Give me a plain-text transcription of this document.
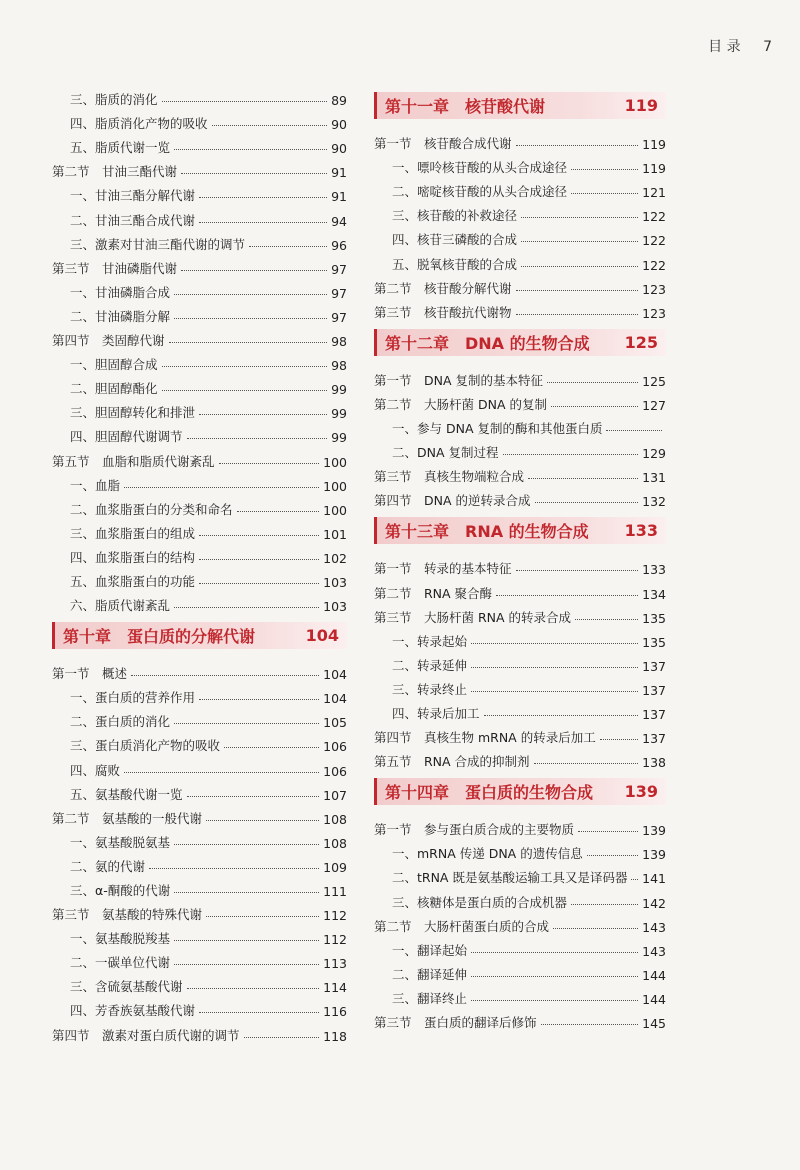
目 录 7
三、脂质的消化	89
四、脂质消化产物的吸收	90
五、脂质代谢一览	90
第二节　甘油三酯代谢	91
一、甘油三酯分解代谢	91
二、甘油三酯合成代谢	94
三、激素对甘油三酯代谢的调节	96
第三节　甘油磷脂代谢	97
一、甘油磷脂合成	97
二、甘油磷脂分解	97
第四节　类固醇代谢	98
一、胆固醇合成	98
二、胆固醇酯化	99
三、胆固醇转化和排泄	99
四、胆固醇代谢调节	99
第五节　血脂和脂质代谢紊乱	100
一、血脂	100
二、血浆脂蛋白的分类和命名	100
三、血浆脂蛋白的组成	101
四、血浆脂蛋白的结构	102
五、血浆脂蛋白的功能	103
六、脂质代谢紊乱	103
第十章　蛋白质的分解代谢	104
第一节　概述	104
一、蛋白质的营养作用	104
二、蛋白质的消化	105
三、蛋白质消化产物的吸收	106
四、腐败	106
五、氨基酸代谢一览	107
第二节　氨基酸的一般代谢	108
一、氨基酸脱氨基	108
二、氨的代谢	109
三、α-酮酸的代谢	111
第三节　氨基酸的特殊代谢	112
一、氨基酸脱羧基	112
二、一碳单位代谢	113
三、含硫氨基酸代谢	114
四、芳香族氨基酸代谢	116
第四节　激素对蛋白质代谢的调节	118
第十一章　核苷酸代谢	119
第一节　核苷酸合成代谢	119
一、嘌呤核苷酸的从头合成途径	119
二、嘧啶核苷酸的从头合成途径	121
三、核苷酸的补救途径	122
四、核苷三磷酸的合成	122
五、脱氧核苷酸的合成	122
第二节　核苷酸分解代谢	123
第三节　核苷酸抗代谢物	123
第十二章　DNA 的生物合成	125
第一节　DNA 复制的基本特征	125
第二节　大肠杆菌 DNA 的复制	127
一、参与 DNA 复制的酶和其他蛋白质
二、DNA 复制过程	129
第三节　真核生物端粒合成	131
第四节　DNA 的逆转录合成	132
第十三章　RNA 的生物合成	133
第一节　转录的基本特征	133
第二节　RNA 聚合酶	134
第三节　大肠杆菌 RNA 的转录合成	135
一、转录起始	135
二、转录延伸	137
三、转录终止	137
四、转录后加工	137
第四节　真核生物 mRNA 的转录后加工	137
第五节　RNA 合成的抑制剂	138
第十四章　蛋白质的生物合成	139
第一节　参与蛋白质合成的主要物质	139
一、mRNA 传递 DNA 的遗传信息	139
二、tRNA 既是氨基酸运输工具又是译码器 141
三、核糖体是蛋白质的合成机器	142
第二节　大肠杆菌蛋白质的合成	143
一、翻译起始	143
二、翻译延伸	144
三、翻译终止	144
第三节　蛋白质的翻译后修饰	145
